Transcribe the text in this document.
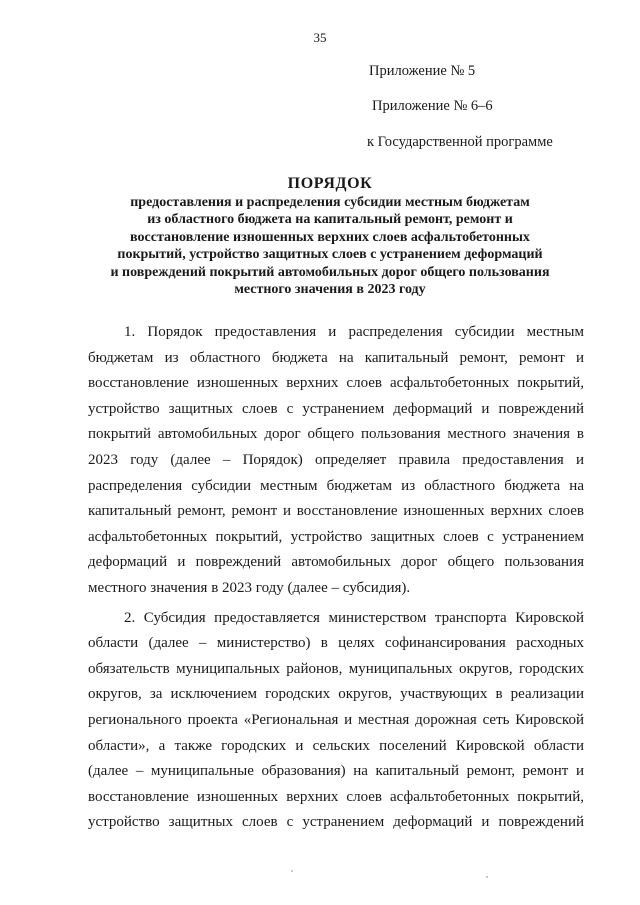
35
Приложение № 5
Приложение № 6–6
к Государственной программе
ПОРЯДОК
предоставления и распределения субсидии местным бюджетам
из областного бюджета на капитальный ремонт, ремонт и
восстановление изношенных верхних слоев асфальтобетонных
покрытий, устройство защитных слоев с устранением деформаций
и повреждений покрытий автомобильных дорог общего пользования
местного значения в 2023 году

1. Порядок предоставления и распределения субсидии местным
бюджетам из областного бюджета на капитальный ремонт, ремонт и
восстановление изношенных верхних слоев асфальтобетонных покрытий,
устройство защитных слоев с устранением деформаций и повреждений
покрытий автомобильных дорог общего пользования местного значения в
2023 году (далее – Порядок) определяет правила предоставления и
распределения субсидии местным бюджетам из областного бюджета на
капитальный ремонт, ремонт и восстановление изношенных верхних слоев
асфальтобетонных покрытий, устройство защитных слоев с устранением
деформаций и повреждений автомобильных дорог общего пользования
местного значения в 2023 году (далее – субсидия).

2. Субсидия предоставляется министерством транспорта Кировской
области (далее – министерство) в целях софинансирования расходных
обязательств муниципальных районов, муниципальных округов, городских
округов, за исключением городских округов, участвующих в реализации
регионального проекта «Региональная и местная дорожная сеть Кировской
области», а также городских и сельских поселений Кировской области
(далее – муниципальные образования) на капитальный ремонт, ремонт и
восстановление изношенных верхних слоев асфальтобетонных покрытий,
устройство защитных слоев с устранением деформаций и повреждений
